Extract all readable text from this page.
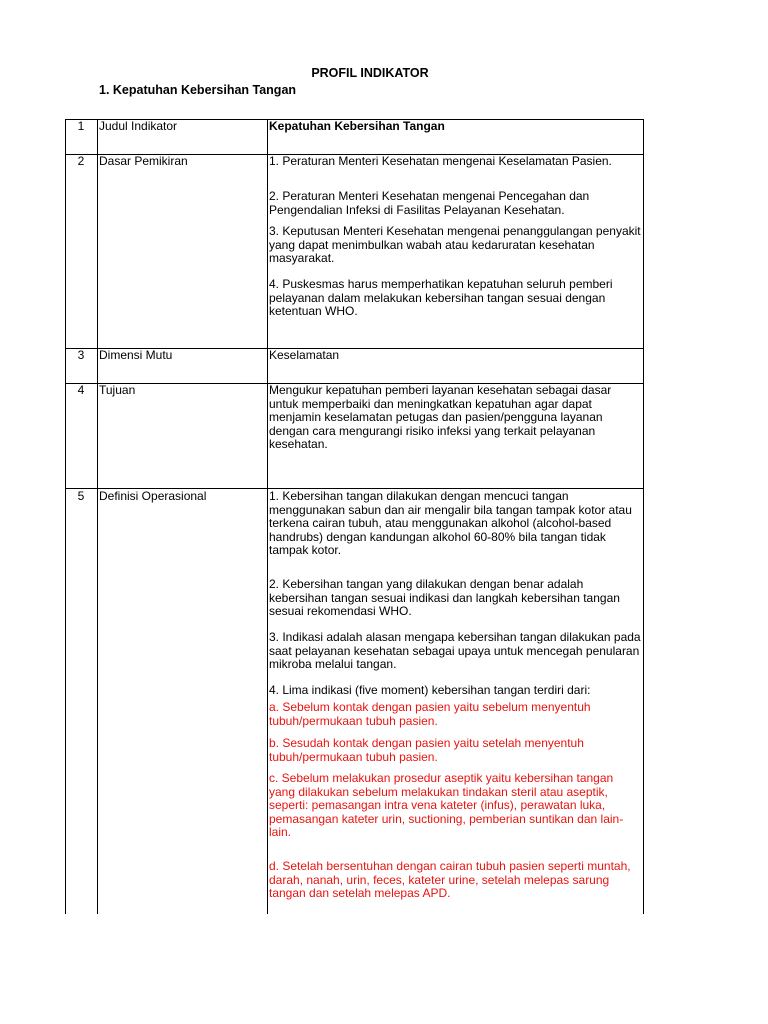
PROFIL INDIKATOR
1. Kepatuhan Kebersihan Tangan
1	Judul Indikator	Kepatuhan Kebersihan Tangan
2	Dasar Pemikiran	1. Peraturan Menteri Kesehatan mengenai Keselamatan Pasien.
2. Peraturan Menteri Kesehatan mengenai Pencegahan dan Pengendalian Infeksi di Fasilitas Pelayanan Kesehatan.
3. Keputusan Menteri Kesehatan mengenai penanggulangan penyakit yang dapat menimbulkan wabah atau kedaruratan kesehatan masyarakat.
4. Puskesmas harus memperhatikan kepatuhan seluruh pemberi pelayanan dalam melakukan kebersihan tangan sesuai dengan ketentuan WHO.
3	Dimensi Mutu	Keselamatan
4	Tujuan	Mengukur kepatuhan pemberi layanan kesehatan sebagai dasar untuk memperbaiki dan meningkatkan kepatuhan agar dapat menjamin keselamatan petugas dan pasien/pengguna layanan dengan cara mengurangi risiko infeksi yang terkait pelayanan kesehatan.
5	Definisi Operasional	1. Kebersihan tangan dilakukan dengan mencuci tangan menggunakan sabun dan air mengalir bila tangan tampak kotor atau terkena cairan tubuh, atau menggunakan alkohol (alcohol-based handrubs) dengan kandungan alkohol 60-80% bila tangan tidak tampak kotor.
2. Kebersihan tangan yang dilakukan dengan benar adalah kebersihan tangan sesuai indikasi dan langkah kebersihan tangan sesuai rekomendasi WHO.
3. Indikasi adalah alasan mengapa kebersihan tangan dilakukan pada saat pelayanan kesehatan sebagai upaya untuk mencegah penularan mikroba melalui tangan.
4. Lima indikasi (five moment) kebersihan tangan terdiri dari:
a. Sebelum kontak dengan pasien yaitu sebelum menyentuh tubuh/permukaan tubuh pasien.
b. Sesudah kontak dengan pasien yaitu setelah menyentuh tubuh/permukaan tubuh pasien.
c. Sebelum melakukan prosedur aseptik yaitu kebersihan tangan yang dilakukan sebelum melakukan tindakan steril atau aseptik, seperti: pemasangan intra vena kateter (infus), perawatan luka, pemasangan kateter urin, suctioning, pemberian suntikan dan lain-lain.
d. Setelah bersentuhan dengan cairan tubuh pasien seperti muntah, darah, nanah, urin, feces, kateter urine, setelah melepas sarung tangan dan setelah melepas APD.
